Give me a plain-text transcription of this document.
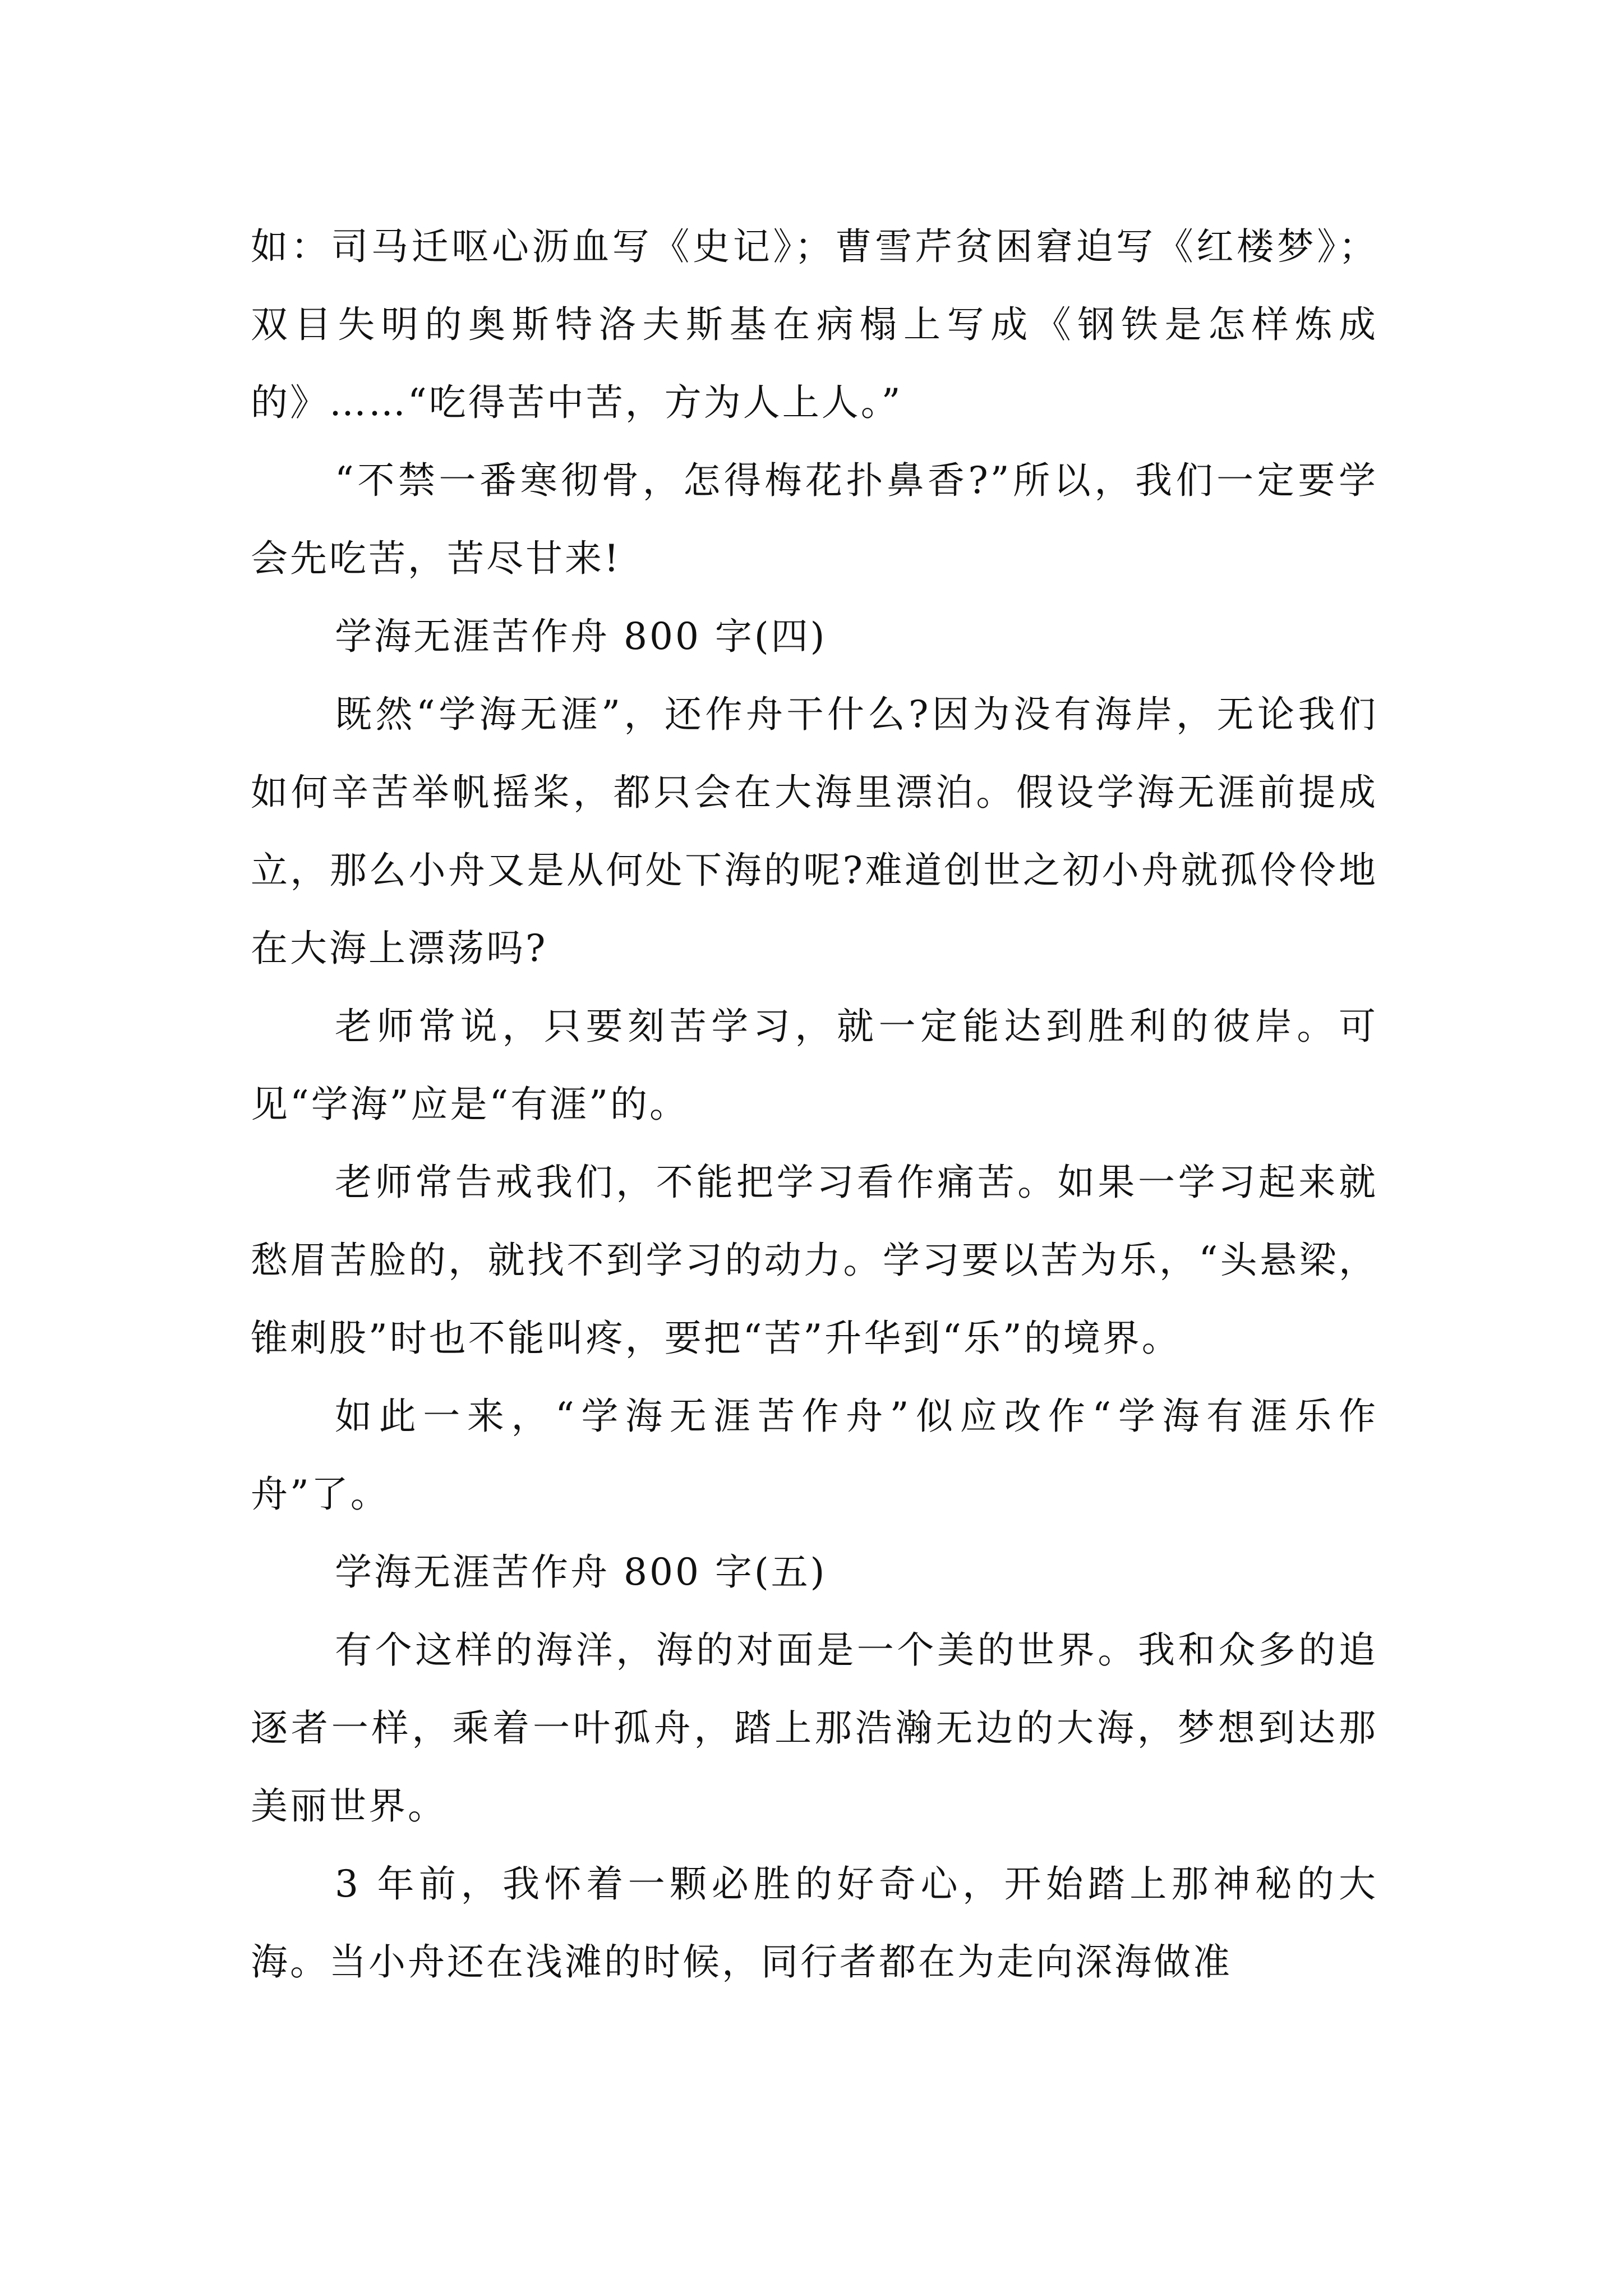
如：司马迁呕心沥血写《史记》；曹雪芹贫困窘迫写《红楼梦》；双目失明的奥斯特洛夫斯基在病榻上写成《钢铁是怎样炼成的》……“吃得苦中苦，方为人上人。”

“不禁一番寒彻骨，怎得梅花扑鼻香?”所以，我们一定要学会先吃苦，苦尽甘来!

学海无涯苦作舟 800 字(四)

既然“学海无涯”，还作舟干什么?因为没有海岸，无论我们如何辛苦举帆摇桨，都只会在大海里漂泊。假设学海无涯前提成立，那么小舟又是从何处下海的呢?难道创世之初小舟就孤伶伶地在大海上漂荡吗?

老师常说，只要刻苦学习，就一定能达到胜利的彼岸。可见“学海”应是“有涯”的。

老师常告戒我们，不能把学习看作痛苦。如果一学习起来就愁眉苦脸的，就找不到学习的动力。学习要以苦为乐，“头悬梁，锥刺股”时也不能叫疼，要把“苦”升华到“乐”的境界。

如此一来，“学海无涯苦作舟”似应改作“学海有涯乐作舟”了。

学海无涯苦作舟 800 字(五)

有个这样的海洋，海的对面是一个美的世界。我和众多的追逐者一样，乘着一叶孤舟，踏上那浩瀚无边的大海，梦想到达那美丽世界。

3 年前，我怀着一颗必胜的好奇心，开始踏上那神秘的大海。当小舟还在浅滩的时候，同行者都在为走向深海做准
